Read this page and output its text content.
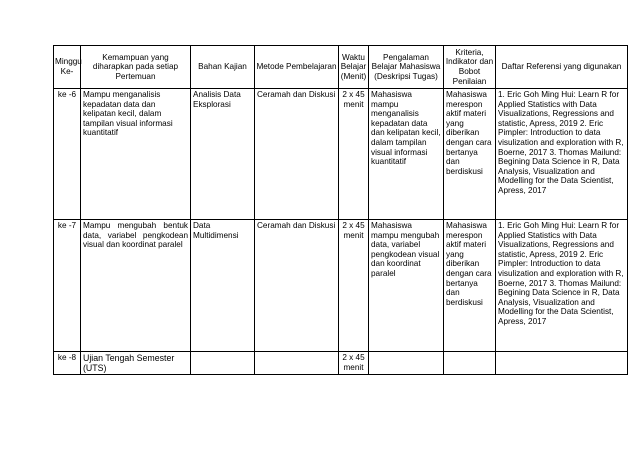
Minggu Ke-	Kemampuan yang diharapkan pada setiap Pertemuan	Bahan Kajian	Metode Pembelajaran	Waktu Belajar (Menit)	Pengalaman Belajar Mahasiswa (Deskripsi Tugas)	Kriteria, Indikator dan Bobot Penilaian	Daftar Referensi yang digunakan
ke -6	Mampu menganalisis kepadatan data dan kelipatan kecil, dalam tampilan visual informasi kuantitatif	Analisis Data Eksplorasi	Ceramah dan Diskusi	2 x 45 menit	Mahasiswa mampu menganalisis kepadatan data dan kelipatan kecil, dalam tampilan visual informasi kuantitatif	Mahasiswa merespon aktif materi yang diberikan dengan cara bertanya dan berdiskusi	1. Eric Goh Ming Hui: Learn R for Applied Statistics with Data Visualizations, Regressions and statistic, Apress, 2019 2. Eric Pimpler: Introduction to data visulization and exploration with R, Boerne, 2017 3. Thomas Mailund: Begining Data Science in R, Data Analysis, Visualization and Modelling for the Data Scientist, Apress, 2017
ke -7	Mampu mengubah bentuk data, variabel pengkodean visual dan koordinat paralel	Data Multidimensi	Ceramah dan Diskusi	2 x 45 menit	Mahasiswa mampu mengubah data, variabel pengkodean visual dan koordinat paralel	Mahasiswa merespon aktif materi yang diberikan dengan cara bertanya dan berdiskusi	1. Eric Goh Ming Hui: Learn R for Applied Statistics with Data Visualizations, Regressions and statistic, Apress, 2019 2. Eric Pimpler: Introduction to data visulization and exploration with R, Boerne, 2017 3. Thomas Mailund: Begining Data Science in R, Data Analysis, Visualization and Modelling for the Data Scientist, Apress, 2017
ke -8	Ujian Tengah Semester (UTS)			2 x 45 menit			
